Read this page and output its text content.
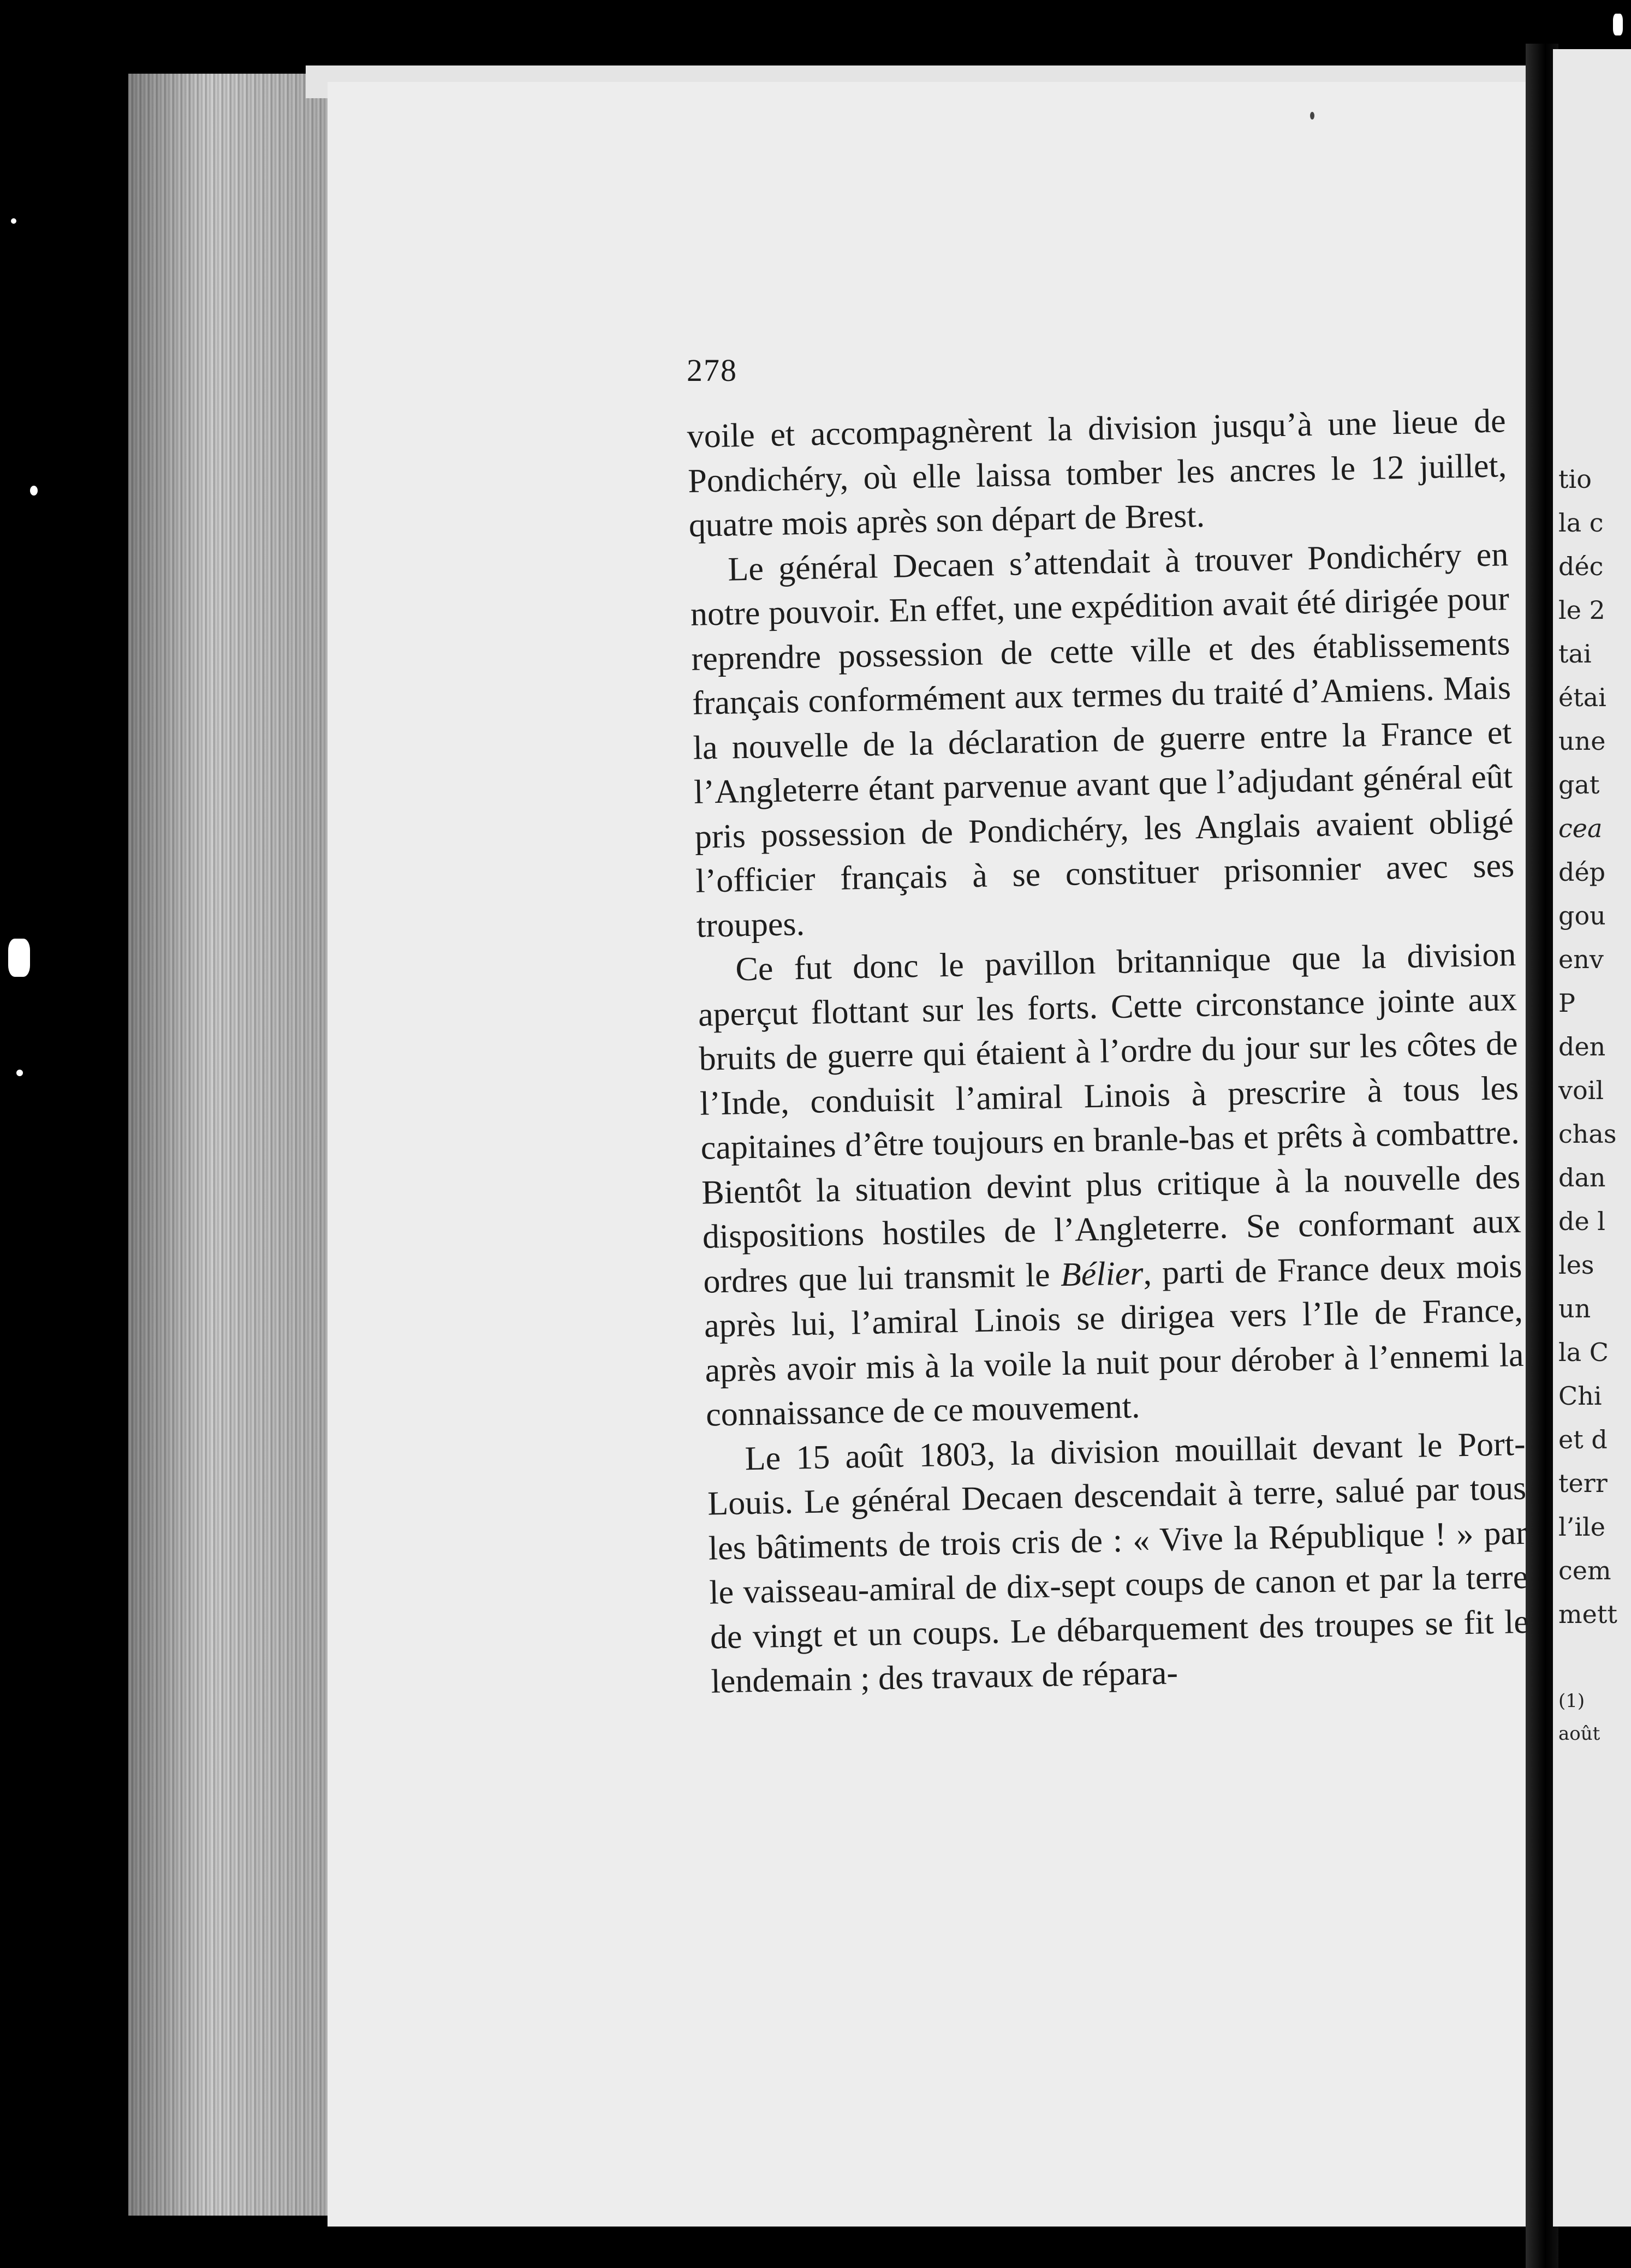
tio
la c
déc
le 2
tai
étai
une
gat
cea
dép
gou
env
P
den
voil
chas
dan
de l
les
un
la C
Chi
et d
terr
l’ile
cem
mett
(1)
août
278

voile et accompagnèrent la division jusqu’à une lieue de Pondichéry, où elle laissa tomber les ancres le 12 juillet, quatre mois après son départ de Brest.

Le général Decaen s’attendait à trouver Pondichéry en notre pouvoir. En effet, une expédition avait été dirigée pour reprendre possession de cette ville et des établissements français conformément aux termes du traité d’Amiens. Mais la nouvelle de la déclaration de guerre entre la France et l’Angleterre étant parvenue avant que l’adjudant général eût pris possession de Pondichéry, les Anglais avaient obligé l’officier français à se constituer prisonnier avec ses troupes.

Ce fut donc le pavillon britannique que la division aperçut flottant sur les forts. Cette circonstance jointe aux bruits de guerre qui étaient à l’ordre du jour sur les côtes de l’Inde, conduisit l’amiral Linois à prescrire à tous les capitaines d’être toujours en branle-bas et prêts à combattre. Bientôt la situation devint plus critique à la nouvelle des dispositions hostiles de l’Angleterre. Se conformant aux ordres que lui transmit le Bélier, parti de France deux mois après lui, l’amiral Linois se dirigea vers l’Ile de France, après avoir mis à la voile la nuit pour dérober à l’ennemi la connaissance de ce mouvement.

Le 15 août 1803, la division mouillait devant le Port-Louis. Le général Decaen descendait à terre, salué par tous les bâtiments de trois cris de : « Vive la République ! » par le vaisseau-amiral de dix-sept coups de canon et par la terre de vingt et un coups. Le débarquement des troupes se fit le lendemain ; des travaux de répara-
